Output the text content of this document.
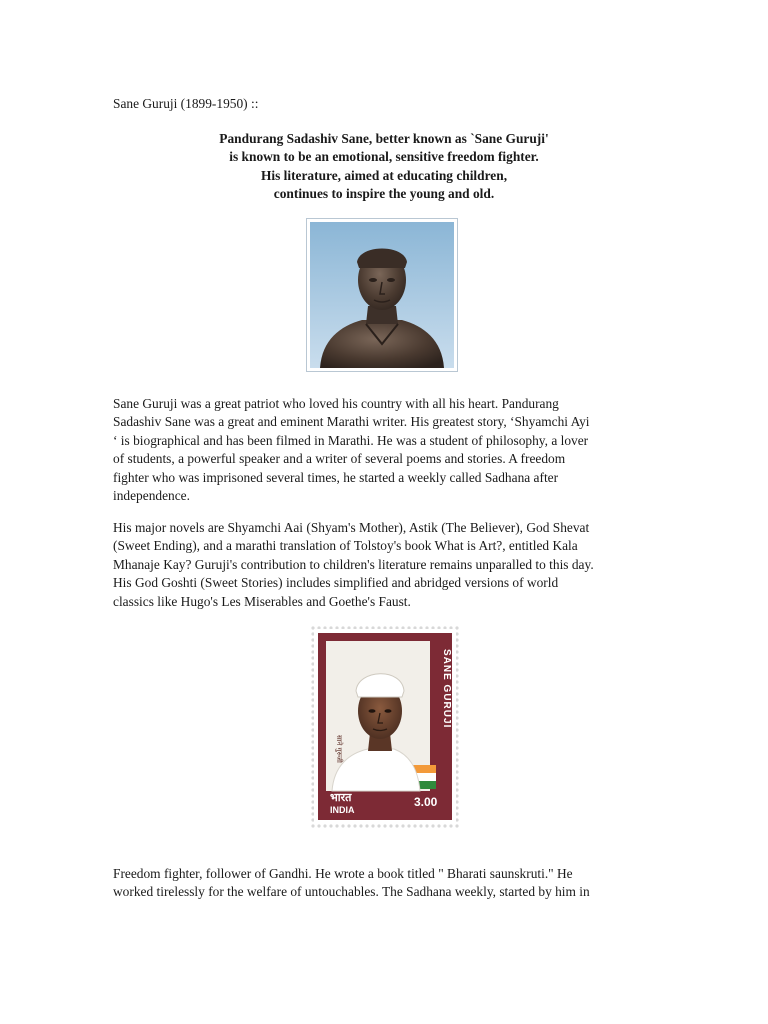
Sane Guruji (1899-1950) ::
Pandurang Sadashiv Sane, better known as `Sane Guruji'
is known to be an emotional, sensitive freedom fighter.
His literature, aimed at educating children,
continues to inspire the young and old.
Sane Guruji was a great patriot who loved his country with all his heart. Pandurang
Sadashiv Sane was a great and eminent Marathi writer. His greatest story, ‘Shyamchi Ayi
‘ is biographical and has been filmed in Marathi. He was a student of philosophy, a lover
of students, a powerful speaker and a writer of several poems and stories. A freedom
fighter who was imprisoned several times, he started a weekly called Sadhana after
independence.
His major novels are Shyamchi Aai (Shyam's Mother), Astik (The Believer), God Shevat
(Sweet Ending), and a marathi translation of Tolstoy's book What is Art?, entitled Kala
Mhanaje Kay? Guruji's contribution to children's literature remains unparalled to this day.
His God Goshti (Sweet Stories) includes simplified and abridged versions of world
classics like Hugo's Les Miserables and Goethe's Faust.
SANE GURUJI
साने गुरुजी
भारत
INDIA
3.00
Freedom fighter, follower of Gandhi. He wrote a book titled " Bharati saunskruti." He
worked tirelessly for the welfare of untouchables. The Sadhana weekly, started by him in
